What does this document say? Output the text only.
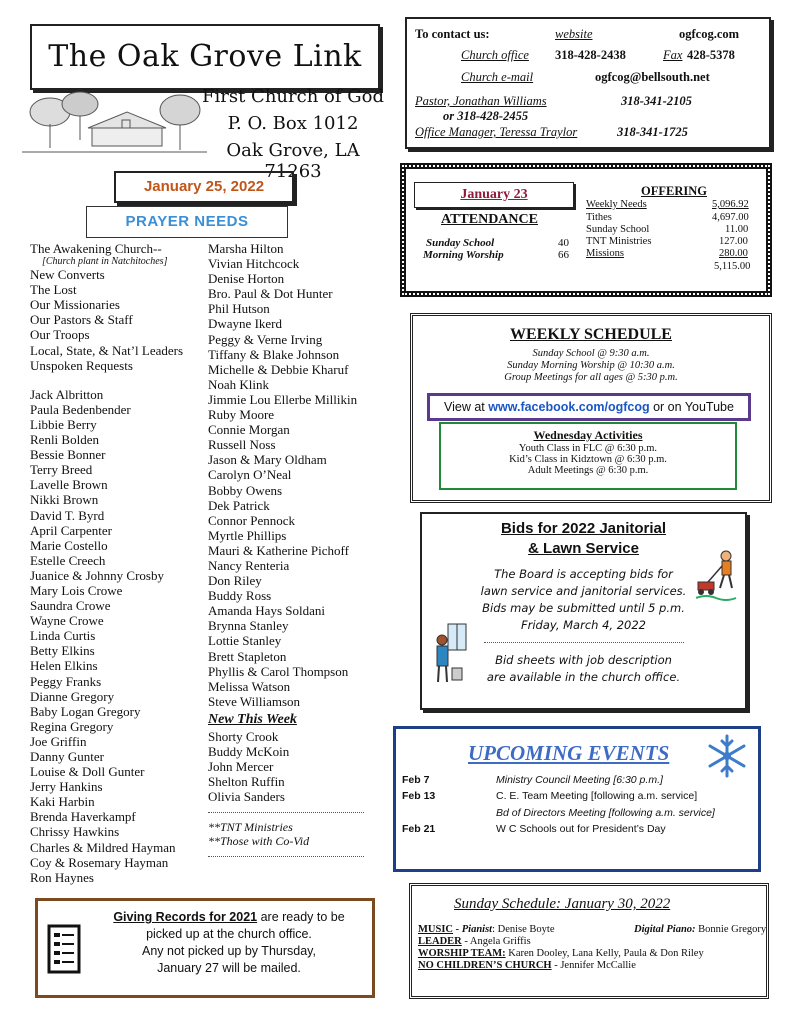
The Oak Grove Link
First Church of God
P. O. Box 1012
Oak Grove, LA 71263
January 25, 2022
PRAYER NEEDS
The Awakening Church--
[Church plant in Natchitoches]
New Converts
The Lost
Our Missionaries
Our Pastors & Staff
Our Troops
Local, State, & Nat’l Leaders
Unspoken Requests
Jack Albritton
Paula Bedenbender
Libbie Berry
Renli Bolden
Bessie Bonner
Terry Breed
Lavelle Brown
Nikki Brown
David T. Byrd
April Carpenter
Marie Costello
Estelle Creech
Juanice & Johnny Crosby
Mary Lois Crowe
Saundra Crowe
Wayne Crowe
Linda Curtis
Betty Elkins
Helen Elkins
Peggy Franks
Dianne Gregory
Baby Logan Gregory
Regina Gregory
Joe Griffin
Danny Gunter
Louise & Doll Gunter
Jerry Hankins
Kaki Harbin
Brenda Haverkampf
Chrissy Hawkins
Charles & Mildred Hayman
Coy & Rosemary Hayman
Ron Haynes
Marsha Hilton
Vivian Hitchcock
Denise Horton
Bro. Paul & Dot Hunter
Phil Hutson
Dwayne Ikerd
Peggy & Verne Irving
Tiffany & Blake Johnson
Michelle & Debbie Kharuf
Noah Klink
Jimmie Lou Ellerbe Millikin
Ruby Moore
Connie Morgan
Russell Noss
Jason & Mary Oldham
Carolyn O’Neal
Bobby Owens
Dek Patrick
Connor Pennock
Myrtle Phillips
Mauri & Katherine Pichoff
Nancy Renteria
Don Riley
Buddy Ross
Amanda Hays Soldani
Brynna Stanley
Lottie Stanley
Brett Stapleton
Phyllis & Carol Thompson
Melissa Watson
Steve Williamson
New This Week
Shorty Crook
Buddy McKoin
John Mercer
Shelton Ruffin
Olivia Sanders
**TNT Ministries
**Those with Co-Vid
Giving Records for 2021 are ready to be
picked up at the church office.
Any not picked up by Thursday,
January 27 will be mailed.
To contact us:	website	ogfcog.com
Church office 318-428-2438	Fax 428-5378
Church e-mail	ogfcog@bellsouth.net
Pastor, Jonathan Williams	318-341-2105
or 318-428-2455
Office Manager, Teressa Traylor	318-341-1725
January 23
ATTENDANCE
Sunday School	40
Morning Worship	66
OFFERING
Weekly Needs	5,096.92
Tithes	4,697.00
Sunday School	11.00
TNT Ministries	127.00
Missions	280.00
5,115.00
WEEKLY SCHEDULE
Sunday School @ 9:30 a.m.
Sunday Morning Worship @ 10:30 a.m.
Group Meetings for all ages @ 5:30 p.m.
View at www.facebook.com/ogfcog or on YouTube
Wednesday Activities
Youth Class in FLC @ 6:30 p.m.
Kid’s Class in Kidztown @ 6:30 p.m.
Adult Meetings @ 6:30 p.m.
Bids for 2022 Janitorial
& Lawn Service
The Board is accepting bids for
lawn service and janitorial services.
Bids may be submitted until 5 p.m.
Friday, March 4, 2022
Bid sheets with job description
are available in the church office.
UPCOMING EVENTS
Feb 7	Ministry Council Meeting [6:30 p.m.]
Feb 13	C. E. Team Meeting [following a.m. service]
Bd of Directors Meeting [following a.m. service]
Feb 21	W C Schools out for President’s Day
Sunday Schedule: January 30, 2022
MUSIC - Pianist: Denise Boyte	Digital Piano: Bonnie Gregory
LEADER - Angela Griffis
WORSHIP TEAM: Karen Dooley, Lana Kelly, Paula & Don Riley
NO CHILDREN’S CHURCH - Jennifer McCallie
